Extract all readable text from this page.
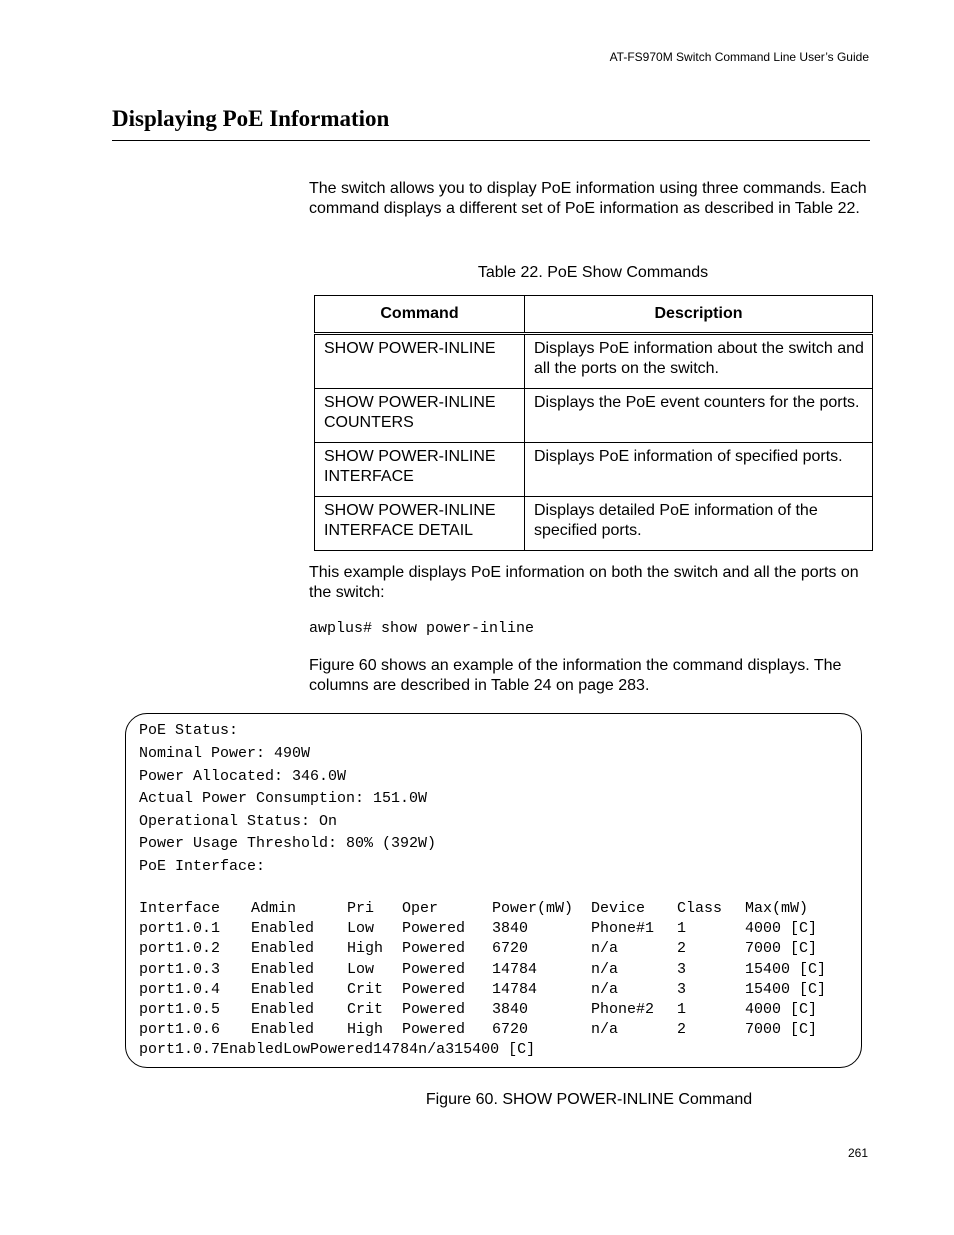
AT-FS970M Switch Command Line User’s Guide
Displaying PoE Information

The switch allows you to display PoE information using three commands. Each command displays a different set of PoE information as described in Table 22.

Table 22. PoE Show Commands
Command	Description
SHOW POWER-INLINE	Displays PoE information about the switch and all the ports on the switch.
SHOW POWER-INLINE COUNTERS	Displays the PoE event counters for the ports.
SHOW POWER-INLINE INTERFACE	Displays PoE information of specified ports.
SHOW POWER-INLINE INTERFACE DETAIL	Displays detailed PoE information of the specified ports.

This example displays PoE information on both the switch and all the ports on the switch:

awplus# show power-inline

Figure 60 shows an example of the information the command displays. The columns are described in Table 24 on page 283.

PoE Status:

Nominal Power: 490W

Power Allocated: 346.0W

Actual Power Consumption: 151.0W

Operational Status: On

Power Usage Threshold: 80% (392W)

PoE Interface:

Interface	Admin	Pri	Oper	Power(mW)	Device	Class	Max(mW)
port1.0.1	Enabled	Low	Powered	3840	Phone#1	1	4000 [C]
port1.0.2	Enabled	High	Powered	6720	n/a	2	7000 [C]
port1.0.3	Enabled	Low	Powered	14784	n/a	3	15400 [C]
port1.0.4	Enabled	Crit	Powered	14784	n/a	3	15400 [C]
port1.0.5	Enabled	Crit	Powered	3840	Phone#2	1	4000 [C]
port1.0.6	Enabled	High	Powered	6720	n/a	2	7000 [C]
port1.0.7 Enabled Low Powered 14784 n/a 3 15400 [C]
Figure 60. SHOW POWER-INLINE Command
261
